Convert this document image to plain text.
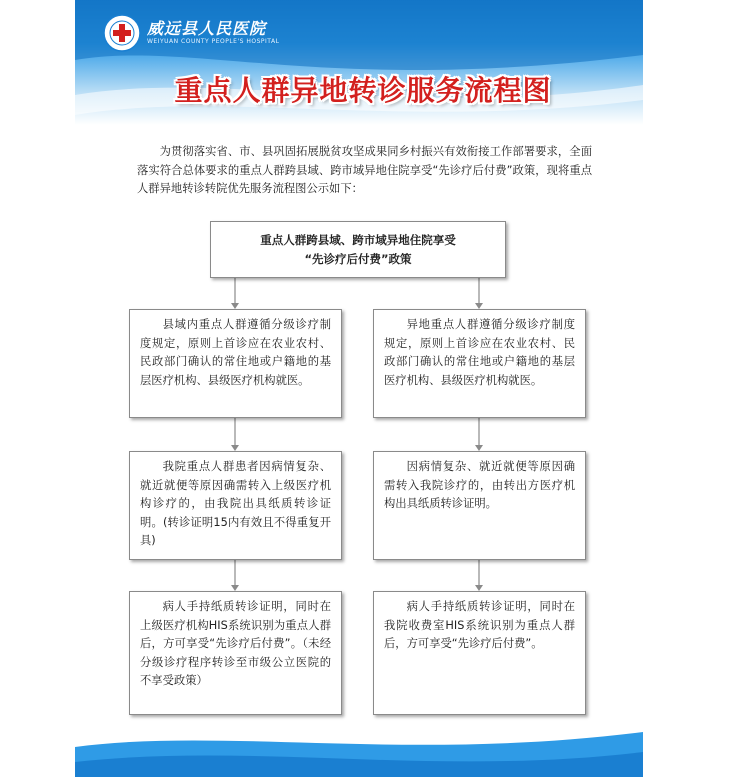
威远县人民医院
WEIYUAN COUNTY PEOPLE'S HOSPITAL
重点人群异地转诊服务流程图
为贯彻落实省、市、县巩固拓展脱贫攻坚成果同乡村振兴有效衔接工作部署要求，全面落实符合总体要求的重点人群跨县域、跨市域异地住院享受“先诊疗后付费”政策，现将重点人群异地转诊转院优先服务流程图公示如下：
重点人群跨县域、跨市域异地住院享受
“先诊疗后付费”政策
县域内重点人群遵循分级诊疗制度规定，原则上首诊应在农业农村、民政部门确认的常住地或户籍地的基层医疗机构、县级医疗机构就医。
异地重点人群遵循分级诊疗制度规定，原则上首诊应在农业农村、民政部门确认的常住地或户籍地的基层医疗机构、县级医疗机构就医。
我院重点人群患者因病情复杂、就近就便等原因确需转入上级医疗机构诊疗的，由我院出具纸质转诊证明。(转诊证明15内有效且不得重复开具)
因病情复杂、就近就便等原因确需转入我院诊疗的，由转出方医疗机构出具纸质转诊证明。
病人手持纸质转诊证明，同时在上级医疗机构HIS系统识别为重点人群后，方可享受“先诊疗后付费”。（未经分级诊疗程序转诊至市级公立医院的不享受政策）
病人手持纸质转诊证明，同时在我院收费室HIS系统识别为重点人群后，方可享受“先诊疗后付费”。
